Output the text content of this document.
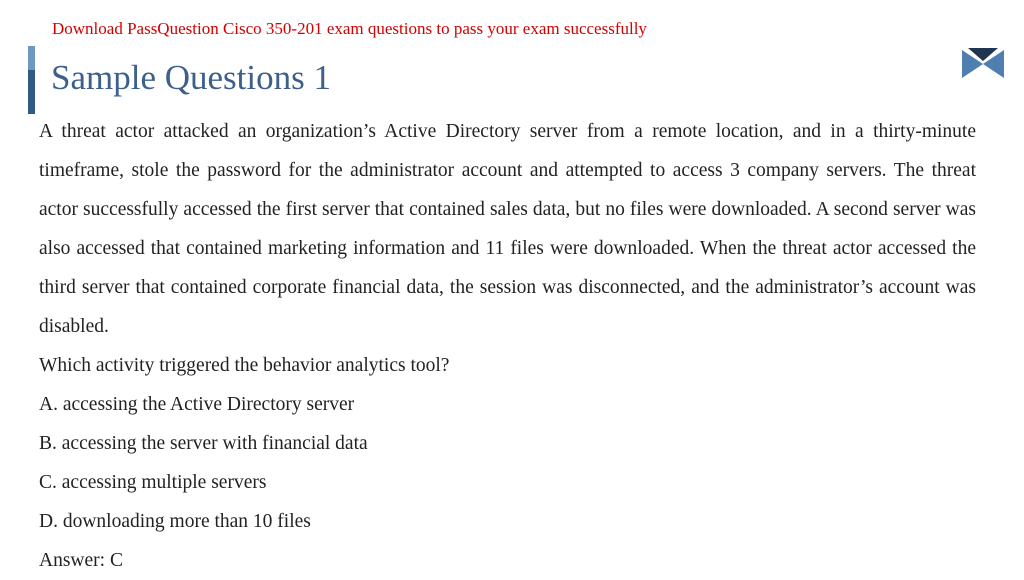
Download PassQuestion Cisco 350-201 exam questions to pass your exam successfully
Sample Questions 1

A threat actor attacked an organization’s Active Directory server from a remote location, and in a thirty-minute timeframe, stole the password for the administrator account and attempted to access 3 company servers. The threat actor successfully accessed the first server that contained sales data, but no files were downloaded. A second server was also accessed that contained marketing information and 11 files were downloaded. When the threat actor accessed the third server that contained corporate financial data, the session was disconnected, and the administrator’s account was disabled.

Which activity triggered the behavior analytics tool?

A. accessing the Active Directory server

B. accessing the server with financial data

C. accessing multiple servers

D. downloading more than 10 files

Answer: C
